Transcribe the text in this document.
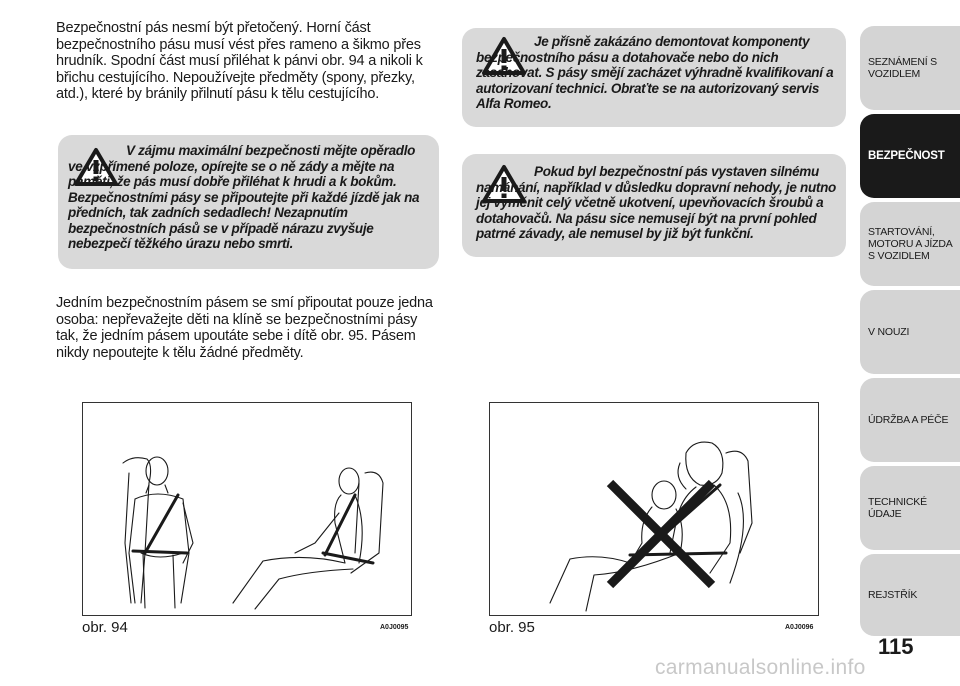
Bezpečnostní pás nesmí být přetočený. Horní část bezpečnostního pásu musí vést přes rameno a šikmo přes hrudník. Spodní část musí přiléhat k pánvi obr. 94 a nikoli k břichu cestujícího. Nepoužívejte předměty (spony, přezky, atd.), které by bránily přilnutí pásu k tělu cestujícího.
V zájmu maximální bezpečnosti mějte opěradlo ve vzpřímené poloze, opírejte se o ně zády a mějte na paměti, že pás musí dobře přiléhat k hrudi a k bokům. Bezpečnostními pásy se připoutejte při každé jízdě jak na předních, tak zadních sedadlech! Nezapnutím bezpečnostních pásů se v případě nárazu zvyšuje nebezpečí těžkého úrazu nebo smrti.
Jedním bezpečnostním pásem se smí připoutat pouze jedna osoba: nepřevažejte děti na klíně se bezpečnostními pásy tak, že jedním pásem upoutáte sebe i dítě obr. 95. Pásem nikdy nepoutejte k tělu žádné předměty.
Je přísně zakázáno demontovat komponenty bezpečnostního pásu a dotahovače nebo do nich zasahovat. S pásy smějí zacházet výhradně kvalifikovaní a autorizovaní technici. Obraťte se na autorizovaný servis Alfa Romeo.
Pokud byl bezpečnostní pás vystaven silnému namáhání, například v důsledku dopravní nehody, je nutno jej vyměnit celý včetně ukotvení, upevňovacích šroubů a dotahovačů. Na pásu sice nemusejí být na první pohled patrné závady, ale nemusel by již být funkční.
obr. 94	A0J0095	obr. 95	A0J0096
SEZNÁMENÍ S VOZIDLEM
BEZPEČNOST
STARTOVÁNÍ, MOTORU A JÍZDA S VOZIDLEM
V NOUZI
ÚDRŽBA A PÉČE
TECHNICKÉ ÚDAJE
REJSTŘÍK
115
carmanualsonline.info
